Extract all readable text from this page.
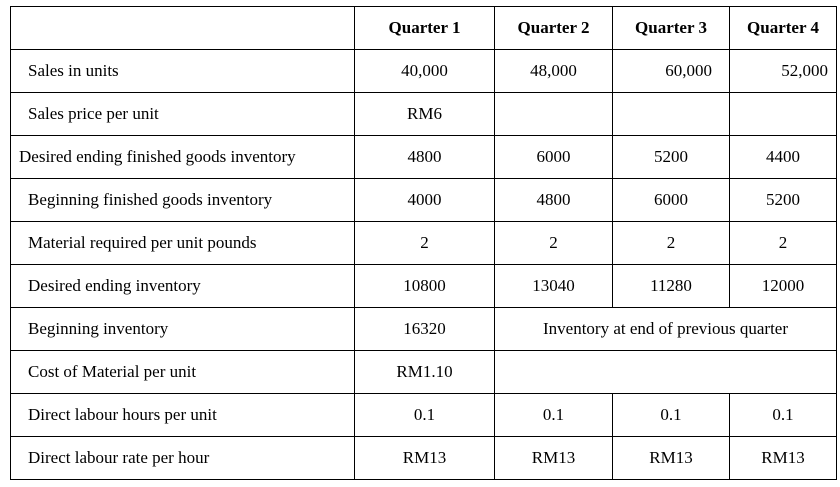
	Quarter 1	Quarter 2	Quarter 3	Quarter 4
Sales in units	40,000	48,000	60,000	52,000
Sales price per unit	RM6			
Desired ending finished goods inventory	4800	6000	5200	4400
Beginning finished goods inventory	4000	4800	6000	5200
Material required per unit pounds	2	2	2	2
Desired ending inventory	10800	13040	11280	12000
Beginning inventory	16320	Inventory at end of previous quarter		
Cost of Material per unit	RM1.10			
Direct labour hours per unit	0.1	0.1	0.1	0.1
Direct labour rate per hour	RM13	RM13	RM13	RM13
